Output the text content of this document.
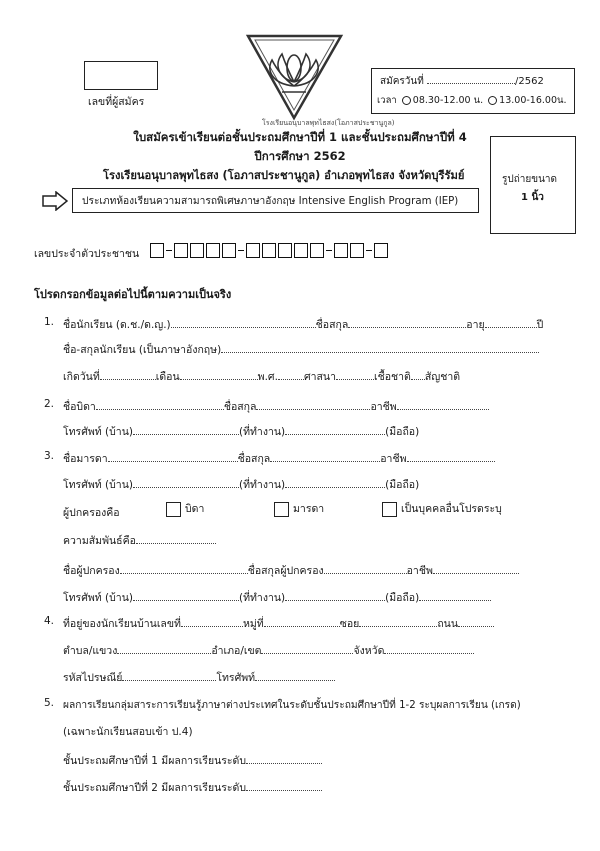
เลขที่ผู้สมัคร
โรงเรียนอนุบาลพุทไธสง(โอภาสประชานูกูล)
สมัครวันที่	/2562
เวลา 08.30-12.00 น. 13.00-16.00น.
ใบสมัครเข้าเรียนต่อชั้นประถมศึกษาปีที่ 1 และชั้นประถมศึกษาปีที่ 4
ปีการศึกษา 2562
โรงเรียนอนุบาลพุทไธสง (โอภาสประชานูกูล) อำเภอพุทไธสง จังหวัดบุรีรัมย์	รูปถ่ายขนาด
1 นิ้ว
ประเภทห้องเรียนความสามารถพิเศษภาษาอังกฤษ Intensive English Program (IEP)
เลขประจำตัวประชาชน
โปรดกรอกข้อมูลต่อไปนี้ตามความเป็นจริง
1. ชื่อนักเรียน (ด.ช./ด.ญ.)	ชื่อสกุล	อายุ	ปี
ชื่อ-สกุลนักเรียน (เป็นภาษาอังกฤษ)
เกิดวันที่	เดือน	พ.ศ. ศาสนา	เชื้อชาติ สัญชาติ
2. ชื่อบิดา	ชื่อสกุล	อาชีพ
โทรศัพท์ (บ้าน)	(ที่ทำงาน)	(มือถือ)
3. ชื่อมารดา	ชื่อสกุล	อาชีพ
โทรศัพท์ (บ้าน)	(ที่ทำงาน)	(มือถือ)
ผู้ปกครองคือ	บิดา	มารดา	เป็นบุคคลอื่นโปรดระบุ
ความสัมพันธ์คือ
ชื่อผู้ปกครอง	ชื่อสกุลผู้ปกครอง	อาชีพ
โทรศัพท์ (บ้าน)	(ที่ทำงาน)	(มือถือ)
4. ที่อยู่ของนักเรียนบ้านเลขที่	หมู่ที่	ซอย	ถนน
ตำบล/แขวง	อำเภอ/เขต	จังหวัด
รหัสไปรษณีย์	โทรศัพท์
5. ผลการเรียนกลุ่มสาระการเรียนรู้ภาษาต่างประเทศในระดับชั้นประถมศึกษาปีที่ 1-2 ระบุผลการเรียน (เกรด)
(เฉพาะนักเรียนสอบเข้า ป.4)
ชั้นประถมศึกษาปีที่ 1 มีผลการเรียนระดับ
ชั้นประถมศึกษาปีที่ 2 มีผลการเรียนระดับ
